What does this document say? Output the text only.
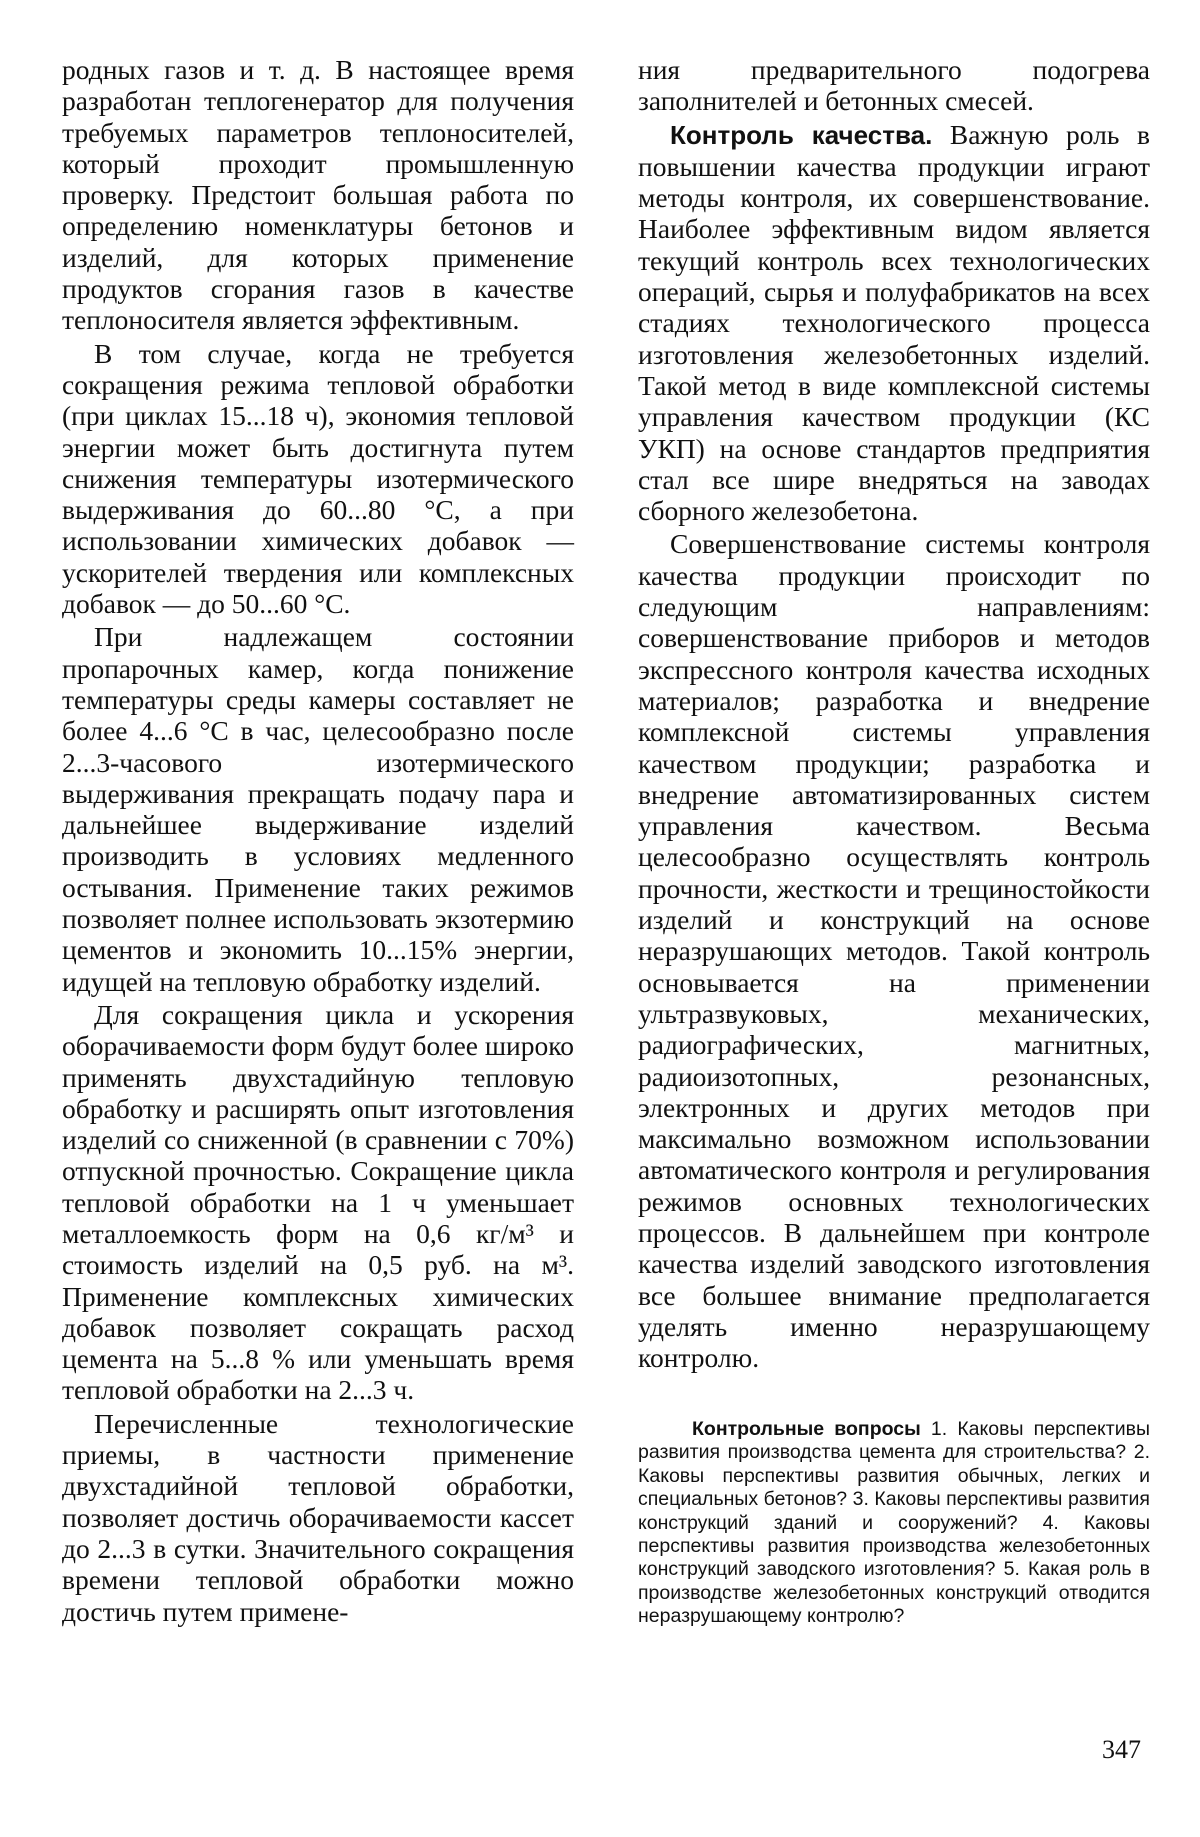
родных газов и т. д. В настоящее время разработан теплогенератор для получения требуемых параметров теплоносителей, который проходит промышленную проверку. Предстоит большая работа по определению номенклатуры бетонов и изделий, для которых применение продуктов сгорания газов в качестве теплоносителя является эффективным.

В том случае, когда не требуется сокращения режима тепловой обработки (при циклах 15...18 ч), экономия тепловой энергии может быть достигнута путем снижения температуры изотермического выдерживания до 60...80 °С, а при использовании химических добавок — ускорителей твердения или комплексных добавок — до 50...60 °С.

При надлежащем состоянии пропарочных камер, когда понижение температуры среды камеры составляет не более 4...6 °С в час, целесообразно после 2...3-часового изотермического выдерживания прекращать подачу пара и дальнейшее выдерживание изделий производить в условиях медленного остывания. Применение таких режимов позволяет полнее использовать экзотермию цементов и экономить 10...15% энергии, идущей на тепловую обработку изделий.

Для сокращения цикла и ускорения оборачиваемости форм будут более широко применять двухстадийную тепловую обработку и расширять опыт изготовления изделий со сниженной (в сравнении с 70%) отпускной прочностью. Сокращение цикла тепловой обработки на 1 ч уменьшает металлоемкость форм на 0,6 кг/м³ и стоимость изделий на 0,5 руб. на м³. Применение комплексных химических добавок позволяет сокращать расход цемента на 5...8 % или уменьшать время тепловой обработки на 2...3 ч.

Перечисленные технологические приемы, в частности применение двухстадийной тепловой обработки, позволяет достичь оборачиваемости кассет до 2...3 в сутки. Значительного сокращения времени тепловой обработки можно достичь путем примене-

ния предварительного подогрева заполнителей и бетонных смесей.

Контроль качества. Важную роль в повышении качества продукции играют методы контроля, их совершенствование. Наиболее эффективным видом является текущий контроль всех технологических операций, сырья и полуфабрикатов на всех стадиях технологического процесса изготовления железобетонных изделий. Такой метод в виде комплексной системы управления качеством продукции (КС УКП) на основе стандартов предприятия стал все шире внедряться на заводах сборного железобетона.

Совершенствование системы контроля качества продукции происходит по следующим направлениям: совершенствование приборов и методов экспрессного контроля качества исходных материалов; разработка и внедрение комплексной системы управления качеством продукции; разработка и внедрение автоматизированных систем управления качеством. Весьма целесообразно осуществлять контроль прочности, жесткости и трещиностойкости изделий и конструкций на основе неразрушающих методов. Такой контроль основывается на применении ультразвуковых, механических, радиографических, магнитных, радиоизотопных, резонансных, электронных и других методов при максимально возможном использовании автоматического контроля и регулирования режимов основных технологических процессов. В дальнейшем при контроле качества изделий заводского изготовления все большее внимание предполагается уделять именно неразрушающему контролю.

Контрольные вопросы 1. Каковы перспективы развития производства цемента для строительства? 2. Каковы перспективы развития обычных, легких и специальных бетонов? 3. Каковы перспективы развития конструкций зданий и сооружений? 4. Каковы перспективы развития производства железобетонных конструкций заводского изготовления? 5. Какая роль в производстве железобетонных конструкций отводится неразрушающему контролю?

347
